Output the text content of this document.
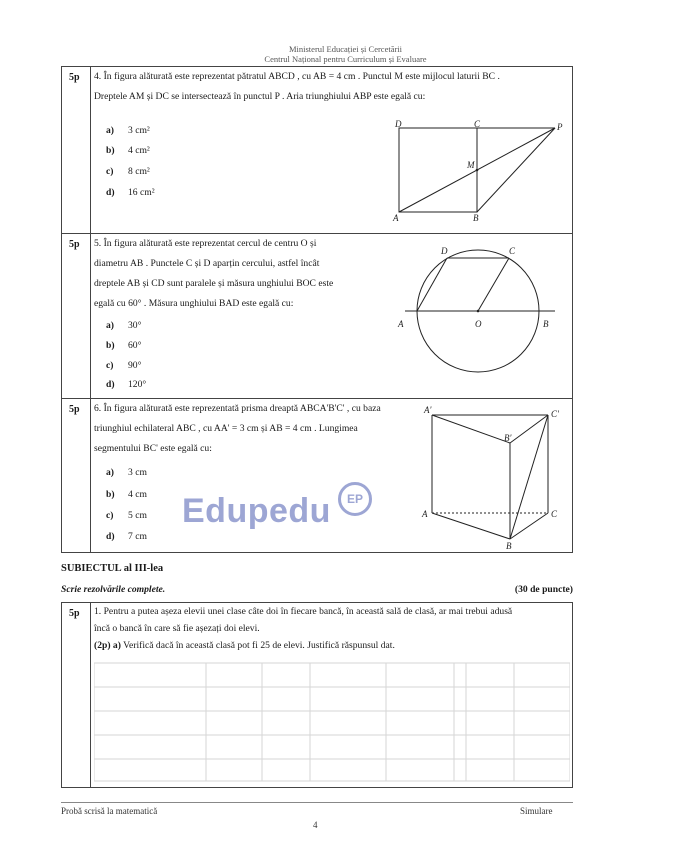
Ministerul Educației și Cercetării
Centrul Național pentru Curriculum și Evaluare
5p 4. În figura alăturată este reprezentat pătratul ABCD , cu AB = 4 cm . Punctul M este mijlocul laturii BC .
Dreptele AM și DC se intersectează în punctul P . Aria triunghiului ABP este egală cu:
a) 3 cm²
b) 4 cm²
c) 8 cm²
d) 16 cm²
5p 5. În figura alăturată este reprezentat cercul de centru O și
diametru AB . Punctele C și D aparțin cercului, astfel încât
dreptele AB și CD sunt paralele și măsura unghiului BOC este
egală cu 60° . Măsura unghiului BAD este egală cu:
a) 30°
b) 60°
c) 90°
d) 120°
5p 6. În figura alăturată este reprezentată prisma dreaptă ABCA'B'C' , cu baza
triunghiul echilateral ABC , cu AA' = 3 cm și AB = 4 cm . Lungimea
segmentului BC' este egală cu:
a) 3 cm
b) 4 cm
c) 5 cm
d) 7 cm
D	C	P
M
A	B
D	C
A	O	B
A'	C'
B'
A	C
B
Edupedu	EP
SUBIECTUL al III-lea
Scrie rezolvările complete.	(30 de puncte)
5p 1. Pentru a putea așeza elevii unei clase câte doi în fiecare bancă, în această sală de clasă, ar mai trebui adusă
încă o bancă în care să fie așezați doi elevi.
(2p) a) Verifică dacă în această clasă pot fi 25 de elevi. Justifică răspunsul dat.
Probă scrisă la matematică	Simulare
4
